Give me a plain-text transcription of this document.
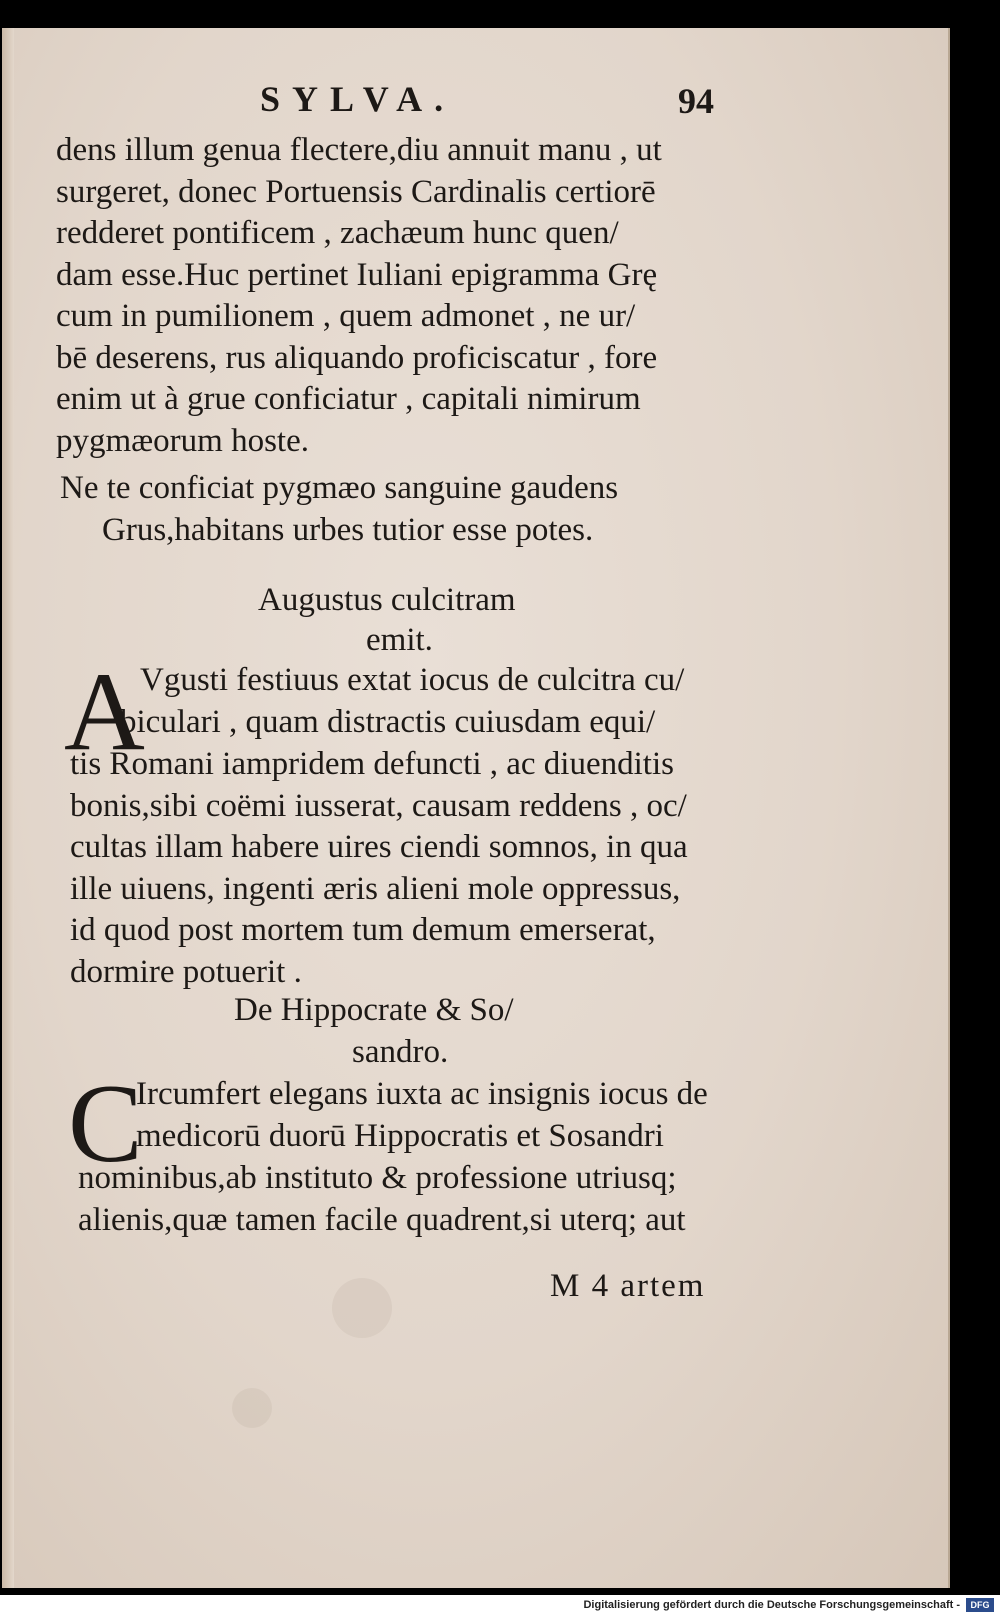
SYLVA.	94
dens illum genua flectere,diu annuit manu , ut
surgeret, donec Portuensis Cardinalis certiorē
redderet pontificem , zachæum hunc quen/
dam esse.Huc pertinet Iuliani epigramma Grę
cum in pumilionem , quem admonet , ne ur/
bē deserens, rus aliquando proficiscatur , fore
enim ut à grue conficiatur , capitali nimirum
pygmæorum hoste.
Ne te conficiat pygmæo sanguine gaudens
Grus,habitans urbes tutior esse potes.
Augustus culcitram
emit.
A
Vgusti festiuus extat iocus de culcitra cu/
biculari , quam distractis cuiusdam equi/
tis Romani iampridem defuncti , ac diuenditis
bonis,sibi coëmi iusserat, causam reddens , oc/
cultas illam habere uires ciendi somnos, in qua
ille uiuens, ingenti æris alieni mole oppressus,
id quod post mortem tum demum emerserat,
dormire potuerit .
De Hippocrate & So/
sandro.
C
Ircumfert elegans iuxta ac insignis iocus de
medicorū duorū Hippocratis et Sosandri
nominibus,ab instituto & professione utriusq;
alienis,quæ tamen facile quadrent,si uterq; aut
M 4 artem
Digitalisierung gefördert durch die Deutsche Forschungsgemeinschaft -	DFG
